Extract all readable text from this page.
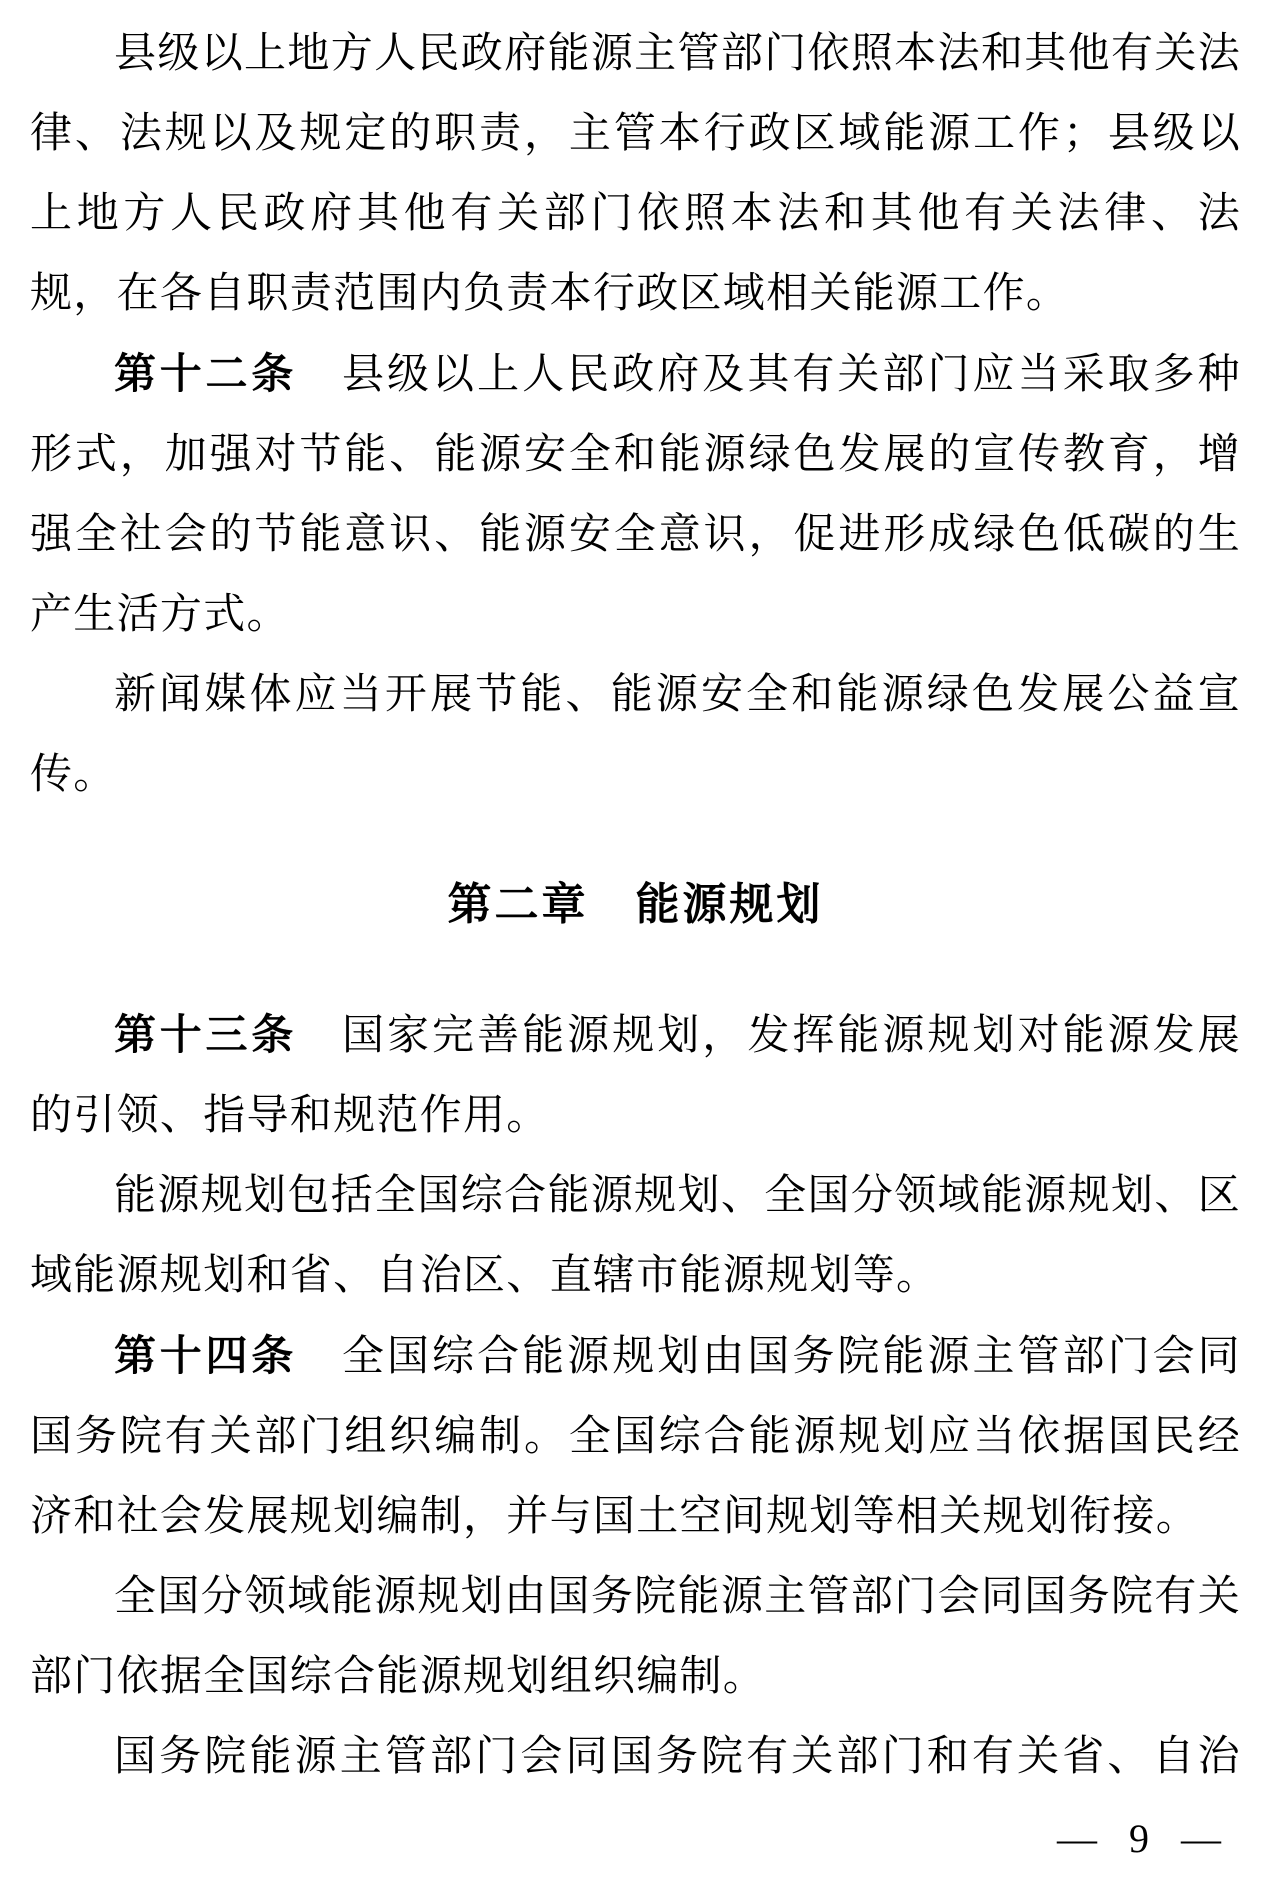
县级以上地方人民政府能源主管部门依照本法和其他有关法律、法规以及规定的职责，主管本行政区域能源工作；县级以上地方人民政府其他有关部门依照本法和其他有关法律、法规，在各自职责范围内负责本行政区域相关能源工作。

第十二条　县级以上人民政府及其有关部门应当采取多种形式，加强对节能、能源安全和能源绿色发展的宣传教育，增强全社会的节能意识、能源安全意识，促进形成绿色低碳的生产生活方式。

新闻媒体应当开展节能、能源安全和能源绿色发展公益宣传。

第二章　能源规划

第十三条　国家完善能源规划，发挥能源规划对能源发展的引领、指导和规范作用。

能源规划包括全国综合能源规划、全国分领域能源规划、区域能源规划和省、自治区、直辖市能源规划等。

第十四条　全国综合能源规划由国务院能源主管部门会同国务院有关部门组织编制。全国综合能源规划应当依据国民经济和社会发展规划编制，并与国土空间规划等相关规划衔接。

全国分领域能源规划由国务院能源主管部门会同国务院有关部门依据全国综合能源规划组织编制。

国务院能源主管部门会同国务院有关部门和有关省、自治

— 9 —
